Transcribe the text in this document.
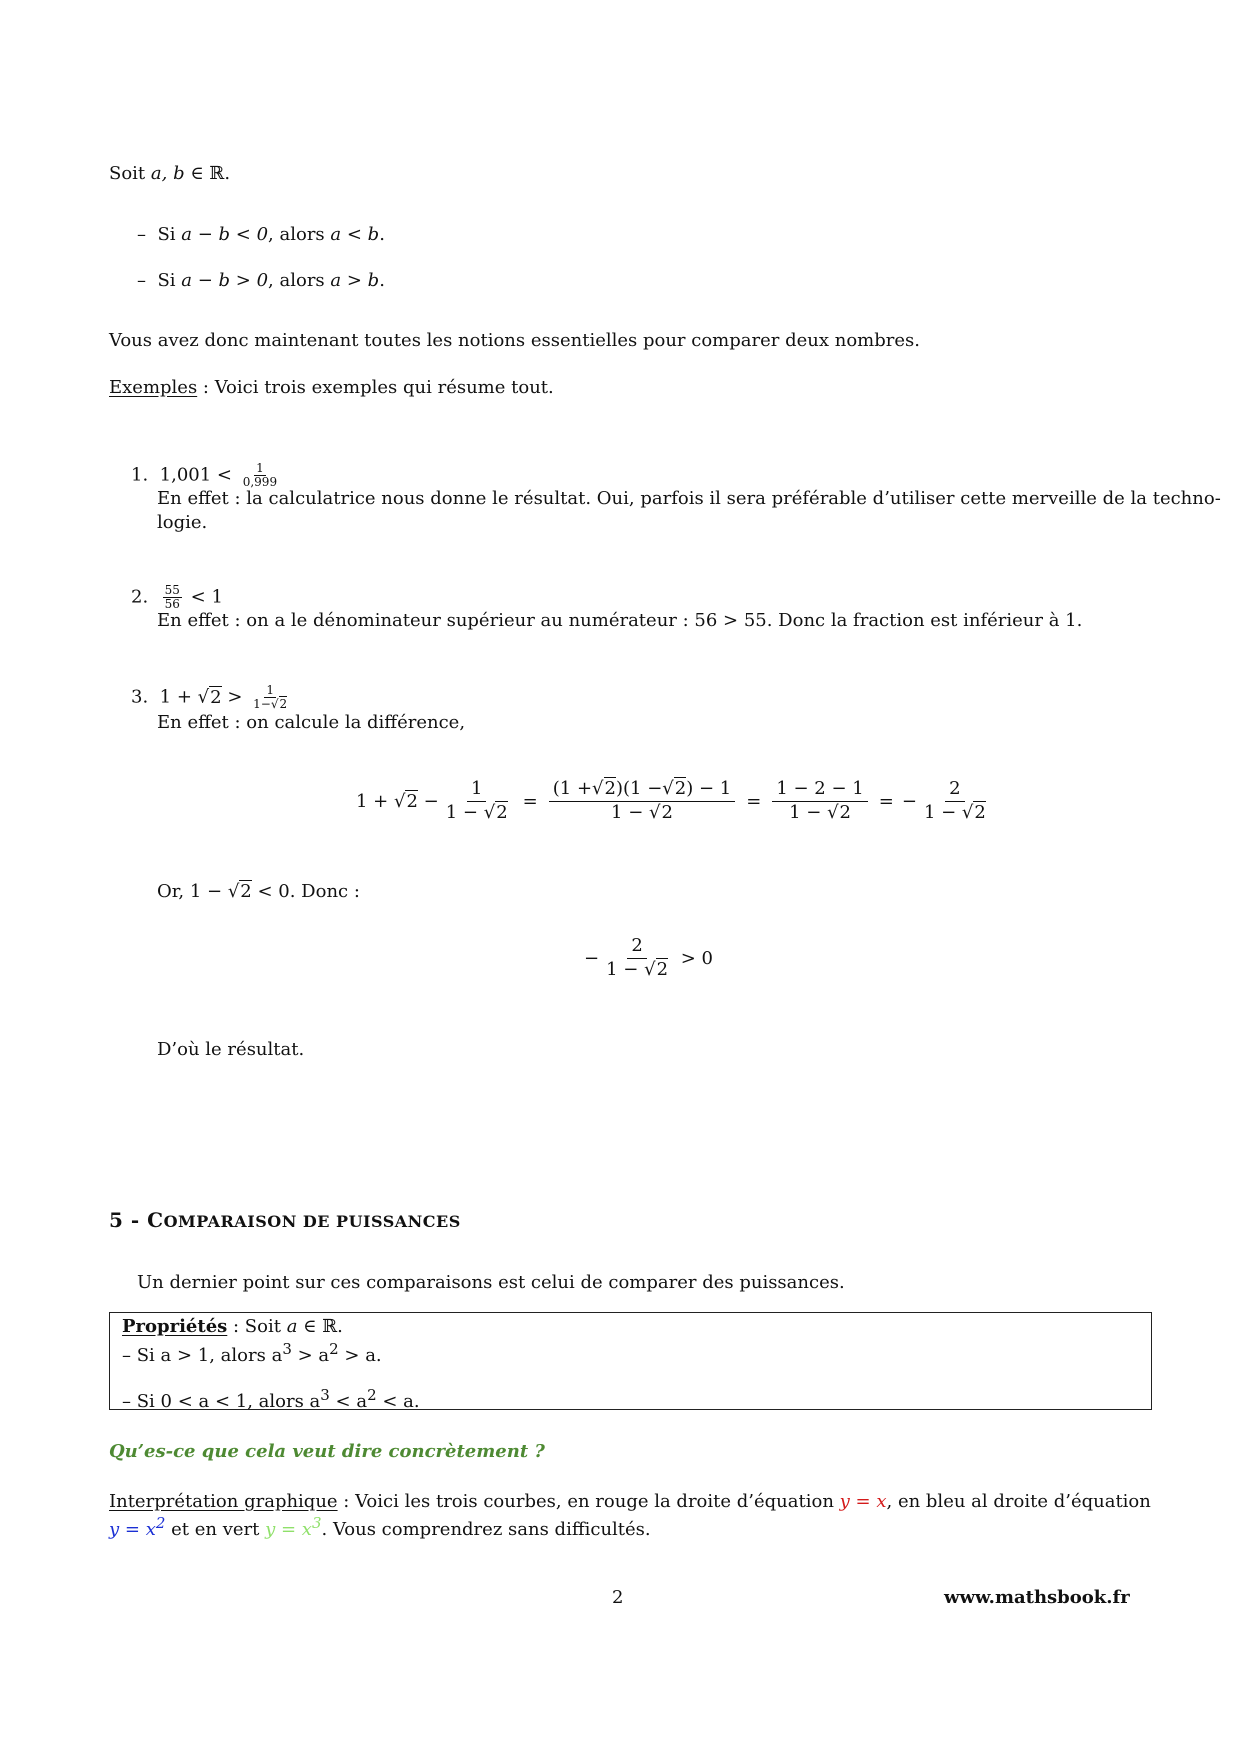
Soit a, b ∈ ℝ.
– Si a − b < 0, alors a < b.
– Si a − b > 0, alors a > b.
Vous avez donc maintenant toutes les notions essentielles pour comparer deux nombres.
Exemples : Voici trois exemples qui résume tout.
1. $1,001 < \frac{1}{0,999}$
En effet : la calculatrice nous donne le résultat. Oui, parfois il sera préférable d’utiliser cette merveille de la techno-
logie.
2. $\frac{55}{56} < 1$
En effet : on a le dénominateur supérieur au numérateur : 56 > 55. Donc la fraction est inférieur à 1.
3. $1 + √2 > \frac{1}{1-√2}$
En effet : on calcule la différence,
1 + √ 2
− $\frac{1}{1 - √2} = \frac{(1 +√2)(1 -√2) - 1}{1 - √2} = \frac{1 - 2 - 1}{1 - √2}$ = − $\frac{2}{1 - √2}$
Or, 1 − √2 < 0. Donc :
− $\frac{2}{1 - √2}$
> 0
D’où le résultat.
5 - COMPARAISON DE PUISSANCES
Un dernier point sur ces comparaisons est celui de comparer des puissances.
Propriétés : Soit a ∈ ℝ.
– Si a > 1, alors $a^3 > a^2 > a$.
– Si 0 < a < 1, alors $a^3 < a^2 < a$.
Qu’es-ce que cela veut dire concrètement ?
Interprétation graphique : Voici les trois courbes, en rouge la droite d’équation y = x, en bleu al droite d’équation
$y = x^2$ et en vert $y = x^3$. Vous comprendrez sans difficultés.
2	www.mathsbook.fr
